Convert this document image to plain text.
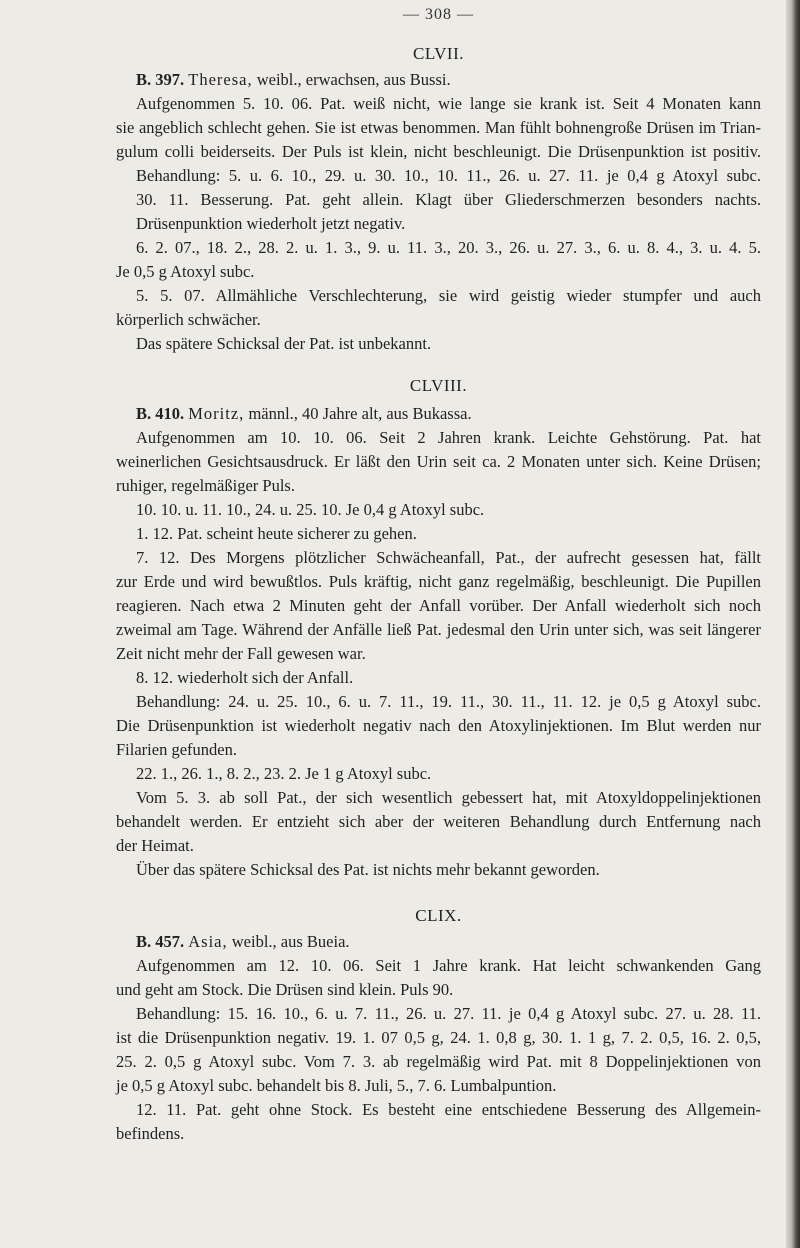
— 308 —
CLVII.
B. 397. Theresa, weibl., erwachsen, aus Bussi.
Aufgenommen 5. 10. 06. Pat. weiß nicht, wie lange sie krank ist. Seit 4 Monaten kann
sie angeblich schlecht gehen. Sie ist etwas benommen. Man fühlt bohnengroße Drüsen im Trian-
gulum colli beiderseits. Der Puls ist klein, nicht beschleunigt. Die Drüsenpunktion ist positiv.
Behandlung: 5. u. 6. 10., 29. u. 30. 10., 10. 11., 26. u. 27. 11. je 0,4 g Atoxyl subc.
30. 11. Besserung. Pat. geht allein. Klagt über Gliederschmerzen besonders nachts.
Drüsenpunktion wiederholt jetzt negativ.
6. 2. 07., 18. 2., 28. 2. u. 1. 3., 9. u. 11. 3., 20. 3., 26. u. 27. 3., 6. u. 8. 4., 3. u. 4. 5.
Je 0,5 g Atoxyl subc.
5. 5. 07. Allmähliche Verschlechterung, sie wird geistig wieder stumpfer und auch
körperlich schwächer.
Das spätere Schicksal der Pat. ist unbekannt.
CLVIII.
B. 410. Moritz, männl., 40 Jahre alt, aus Bukassa.
Aufgenommen am 10. 10. 06. Seit 2 Jahren krank. Leichte Gehstörung. Pat. hat
weinerlichen Gesichtsausdruck. Er läßt den Urin seit ca. 2 Monaten unter sich. Keine Drüsen;
ruhiger, regelmäßiger Puls.
10. 10. u. 11. 10., 24. u. 25. 10. Je 0,4 g Atoxyl subc.
1. 12. Pat. scheint heute sicherer zu gehen.
7. 12. Des Morgens plötzlicher Schwächeanfall, Pat., der aufrecht gesessen hat, fällt
zur Erde und wird bewußtlos. Puls kräftig, nicht ganz regelmäßig, beschleunigt. Die Pupillen
reagieren. Nach etwa 2 Minuten geht der Anfall vorüber. Der Anfall wiederholt sich noch
zweimal am Tage. Während der Anfälle ließ Pat. jedesmal den Urin unter sich, was seit längerer
Zeit nicht mehr der Fall gewesen war.
8. 12. wiederholt sich der Anfall.
Behandlung: 24. u. 25. 10., 6. u. 7. 11., 19. 11., 30. 11., 11. 12. je 0,5 g Atoxyl subc.
Die Drüsenpunktion ist wiederholt negativ nach den Atoxylinjektionen. Im Blut werden nur
Filarien gefunden.
22. 1., 26. 1., 8. 2., 23. 2. Je 1 g Atoxyl subc.
Vom 5. 3. ab soll Pat., der sich wesentlich gebessert hat, mit Atoxyldoppelinjektionen
behandelt werden. Er entzieht sich aber der weiteren Behandlung durch Entfernung nach
der Heimat.
Über das spätere Schicksal des Pat. ist nichts mehr bekannt geworden.
CLIX.
B. 457. Asia, weibl., aus Bueia.
Aufgenommen am 12. 10. 06. Seit 1 Jahre krank. Hat leicht schwankenden Gang
und geht am Stock. Die Drüsen sind klein. Puls 90.
Behandlung: 15. 16. 10., 6. u. 7. 11., 26. u. 27. 11. je 0,4 g Atoxyl subc. 27. u. 28. 11.
ist die Drüsenpunktion negativ. 19. 1. 07 0,5 g, 24. 1. 0,8 g, 30. 1. 1 g, 7. 2. 0,5, 16. 2. 0,5,
25. 2. 0,5 g Atoxyl subc. Vom 7. 3. ab regelmäßig wird Pat. mit 8 Doppelinjektionen von
je 0,5 g Atoxyl subc. behandelt bis 8. Juli, 5., 7. 6. Lumbalpuntion.
12. 11. Pat. geht ohne Stock. Es besteht eine entschiedene Besserung des Allgemein-
befindens.
